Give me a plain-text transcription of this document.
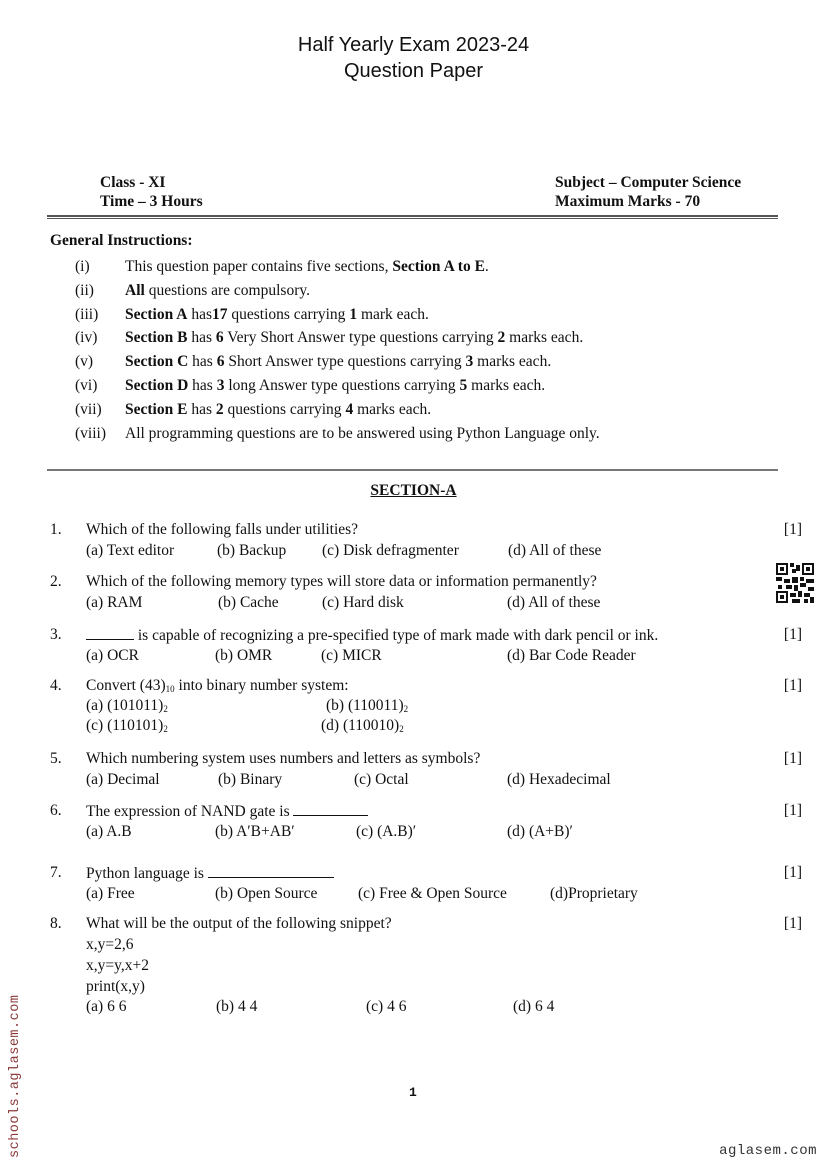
Half Yearly Exam 2023-24
Question Paper
Class - XI
Time – 3 Hours
Subject – Computer Science
Maximum Marks - 70
General Instructions:
(i) This question paper contains five sections, Section A to E.
(ii) All questions are compulsory.
(iii) Section A has17 questions carrying 1 mark each.
(iv) Section B has 6 Very Short Answer type questions carrying 2 marks each.
(v) Section C has 6 Short Answer type questions carrying 3 marks each.
(vi) Section D has 3 long Answer type questions carrying 5 marks each.
(vii) Section E has 2 questions carrying 4 marks each.
(viii) All programming questions are to be answered using Python Language only.
SECTION-A
1. Which of the following falls under utilities?	[1]
(a) Text editor	(b) Backup (c) Disk defragmenter	(d) All of these
2. Which of the following memory types will store data or information permanently?
(a) RAM	(b) Cache	(c) Hard disk	(d) All of these
3.	is capable of recognizing a pre-specified type of mark made with dark pencil or ink.	[1]
(a) OCR	(b) OMR	(c) MICR	(d) Bar Code Reader
4. Convert $(43)_{10}$ into binary number system:	[1]
(a) $(101011)_2$	(b) $(110011)_2$
(c) $(110101)_2$	(d) $(110010)_2$
5. Which numbering system uses numbers and letters as symbols?	[1]
(a) Decimal	(b) Binary	(c) Octal	(d) Hexadecimal
6. The expression of NAND gate is	[1]
(a) A.B	(b) A′B+AB′	(c) (A.B)′	(d) (A+B)′
7. Python language is	[1]
(a) Free	(b) Open Source	(c) Free & Open Source	(d)Proprietary
8. What will be the output of the following snippet?	[1]
x,y=2,6
x,y=y,x+2
print(x,y)
(a) 6 6	(b) 4 4	(c) 4 6	(d) 6 4
1
schools.aglasem.com	aglasem.com
